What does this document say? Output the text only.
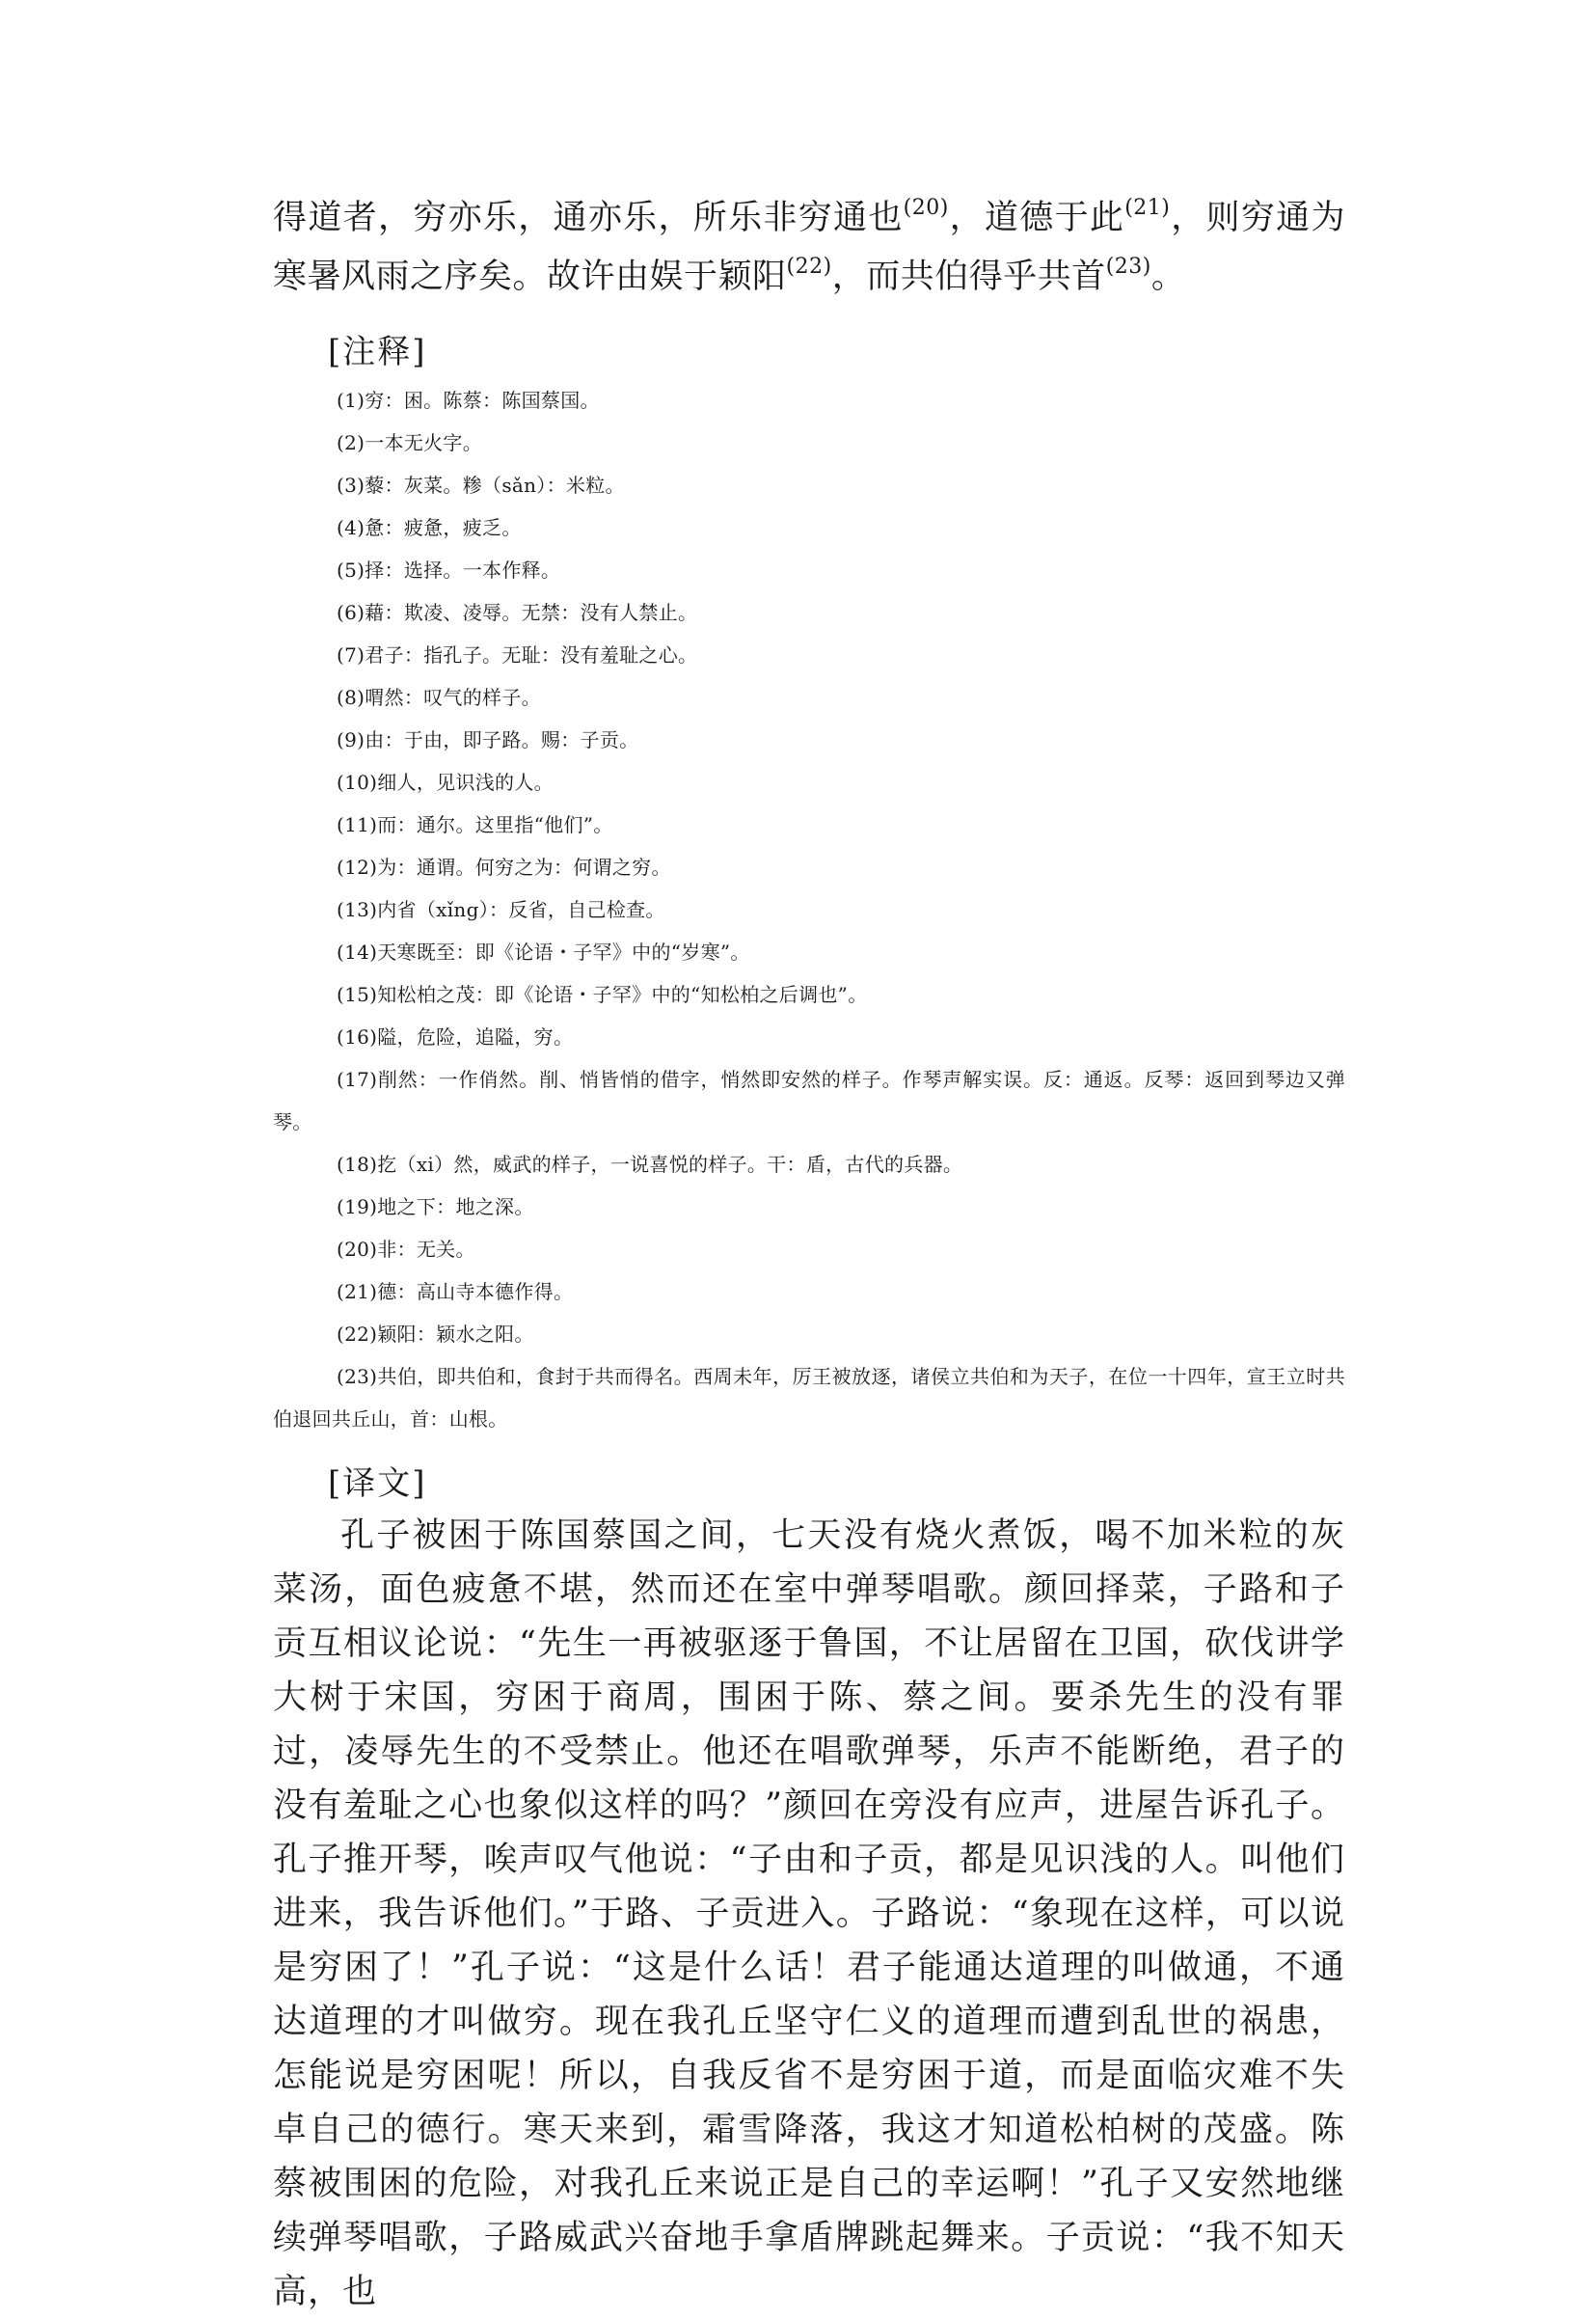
得道者，穷亦乐，通亦乐，所乐非穷通也$^{(20)}$，道德于此$^{(21)}$，则穷通为寒暑风雨之序矣。故许由娱于颖阳$^{(22)}$，而共伯得乎共首$^{(23)}$。

[注释]
(1)穷：困。陈蔡：陈国蔡国。
(2)一本无火字。
(3)藜：灰菜。糁（sǎn）：米粒。
(4)惫：疲惫，疲乏。
(5)择：选择。一本作释。
(6)藉：欺凌、凌辱。无禁：没有人禁止。
(7)君子：指孔子。无耻：没有羞耻之心。
(8)喟然：叹气的样子。
(9)由：于由，即子路。赐：子贡。
(10)细人，见识浅的人。
(11)而：通尔。这里指“他们”。
(12)为：通谓。何穷之为：何谓之穷。
(13)内省（xǐng）：反省，自己检查。
(14)天寒既至：即《论语・子罕》中的“岁寒”。
(15)知松柏之茂：即《论语・子罕》中的“知松柏之后调也”。
(16)隘，危险，追隘，穷。
(17)削然：一作俏然。削、悄皆悄的借字，悄然即安然的样子。作琴声解实误。反：通返。反琴：返回到琴边又弹琴。
(18)扢（xi）然，威武的样子，一说喜悦的样子。干：盾，古代的兵器。
(19)地之下：地之深。
(20)非：无关。
(21)德：高山寺本德作得。
(22)颖阳：颖水之阳。
(23)共伯，即共伯和，食封于共而得名。西周未年，厉王被放逐，诸侯立共伯和为天子，在位一十四年，宣王立时共伯退回共丘山，首：山根。
[译文]

孔子被困于陈国蔡国之间，七天没有烧火煮饭，喝不加米粒的灰菜汤，面色疲惫不堪，然而还在室中弹琴唱歌。颜回择菜，子路和子贡互相议论说：“先生一再被驱逐于鲁国，不让居留在卫国，砍伐讲学大树于宋国，穷困于商周，围困于陈、蔡之间。要杀先生的没有罪过，凌辱先生的不受禁止。他还在唱歌弹琴，乐声不能断绝，君子的没有羞耻之心也象似这样的吗？”颜回在旁没有应声，进屋告诉孔子。孔子推开琴，唉声叹气他说：“子由和子贡，都是见识浅的人。叫他们进来，我告诉他们。”于路、子贡进入。子路说：“象现在这样，可以说是穷困了！”孔子说：“这是什么话！君子能通达道理的叫做通，不通达道理的才叫做穷。现在我孔丘坚守仁义的道理而遭到乱世的祸患，怎能说是穷困呢！所以，自我反省不是穷困于道，而是面临灾难不失卓自己的德行。寒天来到，霜雪降落，我这才知道松柏树的茂盛。陈蔡被围困的危险，对我孔丘来说正是自己的幸运啊！”孔子又安然地继续弹琴唱歌，子路威武兴奋地手拿盾牌跳起舞来。子贡说：“我不知天高，也
